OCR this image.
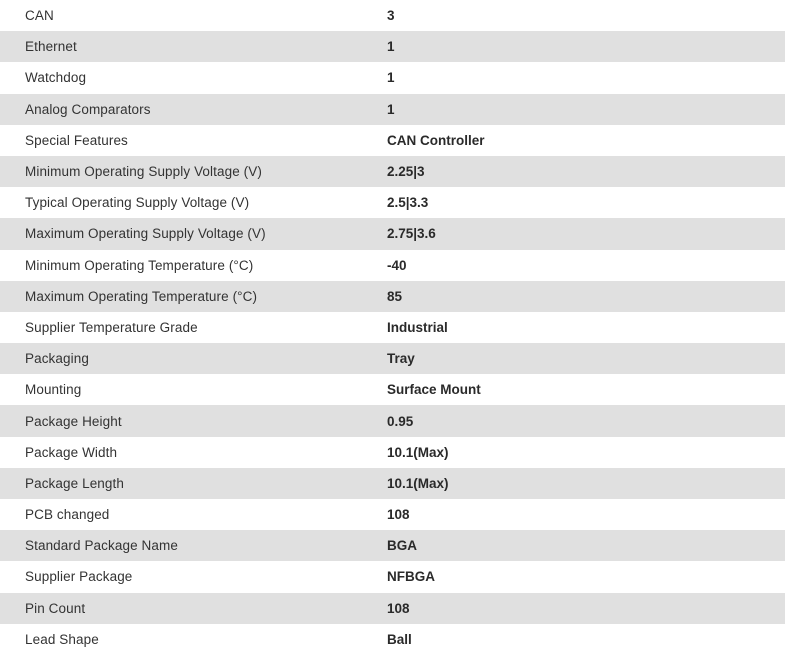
CAN	3
Ethernet	1
Watchdog	1
Analog Comparators	1
Special Features	CAN Controller
Minimum Operating Supply Voltage (V)	2.25|3
Typical Operating Supply Voltage (V)	2.5|3.3
Maximum Operating Supply Voltage (V)	2.75|3.6
Minimum Operating Temperature (°C)	-40
Maximum Operating Temperature (°C)	85
Supplier Temperature Grade	Industrial
Packaging	Tray
Mounting	Surface Mount
Package Height	0.95
Package Width	10.1(Max)
Package Length	10.1(Max)
PCB changed	108
Standard Package Name	BGA
Supplier Package	NFBGA
Pin Count	108
Lead Shape	Ball
